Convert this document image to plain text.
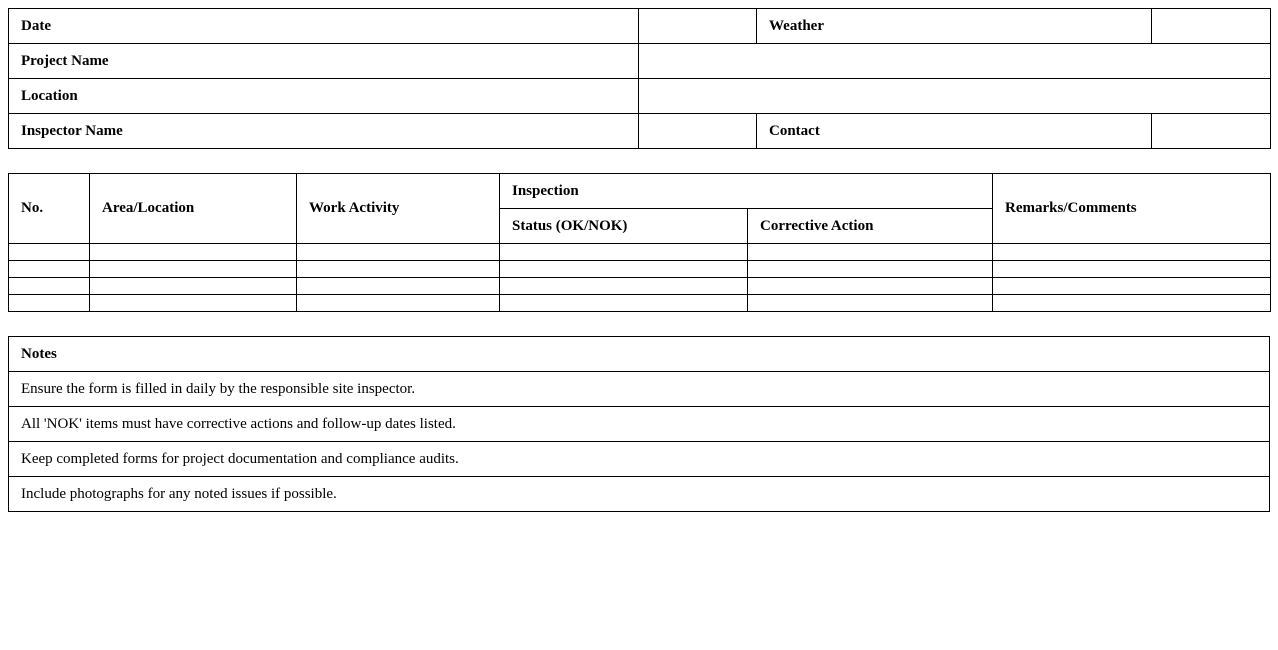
Date		Weather	
Project Name			
Location			
Inspector Name		Contact	
No.	Area/Location	Work Activity	Inspection		Remarks/Comments
			Status (OK/NOK)	Corrective Action	

Notes
Ensure the form is filled in daily by the responsible site inspector.
All 'NOK' items must have corrective actions and follow-up dates listed.
Keep completed forms for project documentation and compliance audits.
Include photographs for any noted issues if possible.
